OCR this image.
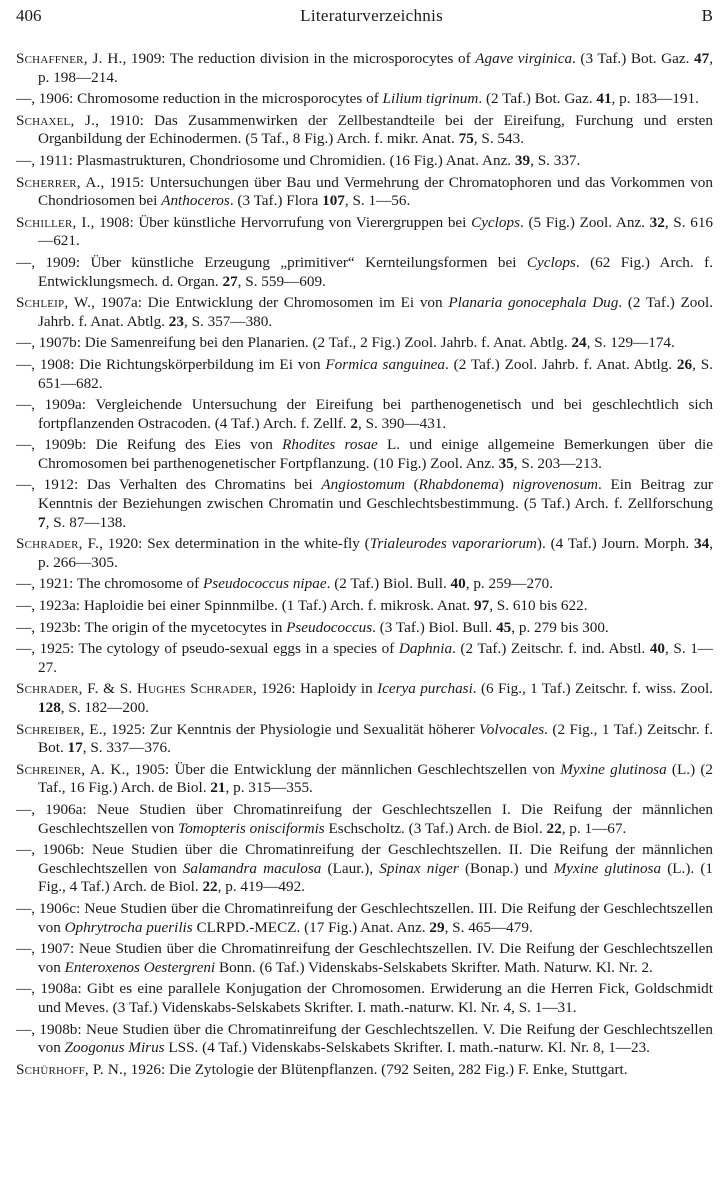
406	Literaturverzeichnis	B

Schaffner, J. H., 1909: The reduction division in the microsporocytes of Agave virginica. (3 Taf.) Bot. Gaz. 47, p. 198—214.

—, 1906: Chromosome reduction in the microsporocytes of Lilium tigrinum. (2 Taf.) Bot. Gaz. 41, p. 183—191.

Schaxel, J., 1910: Das Zusammenwirken der Zellbestandteile bei der Eireifung, Furchung und ersten Organbildung der Echinodermen. (5 Taf., 8 Fig.) Arch. f. mikr. Anat. 75, S. 543.

—, 1911: Plasmastrukturen, Chondriosome und Chromidien. (16 Fig.) Anat. Anz. 39, S. 337.

Scherrer, A., 1915: Untersuchungen über Bau und Vermehrung der Chromatophoren und das Vorkommen von Chondriosomen bei Anthoceros. (3 Taf.) Flora 107, S. 1—56.

Schiller, I., 1908: Über künstliche Hervorrufung von Vierergruppen bei Cyclops. (5 Fig.) Zool. Anz. 32, S. 616—621.

—, 1909: Über künstliche Erzeugung „primitiver“ Kernteilungsformen bei Cyclops. (62 Fig.) Arch. f. Entwicklungsmech. d. Organ. 27, S. 559—609.

Schleip, W., 1907a: Die Entwicklung der Chromosomen im Ei von Planaria gonocephala Dug. (2 Taf.) Zool. Jahrb. f. Anat. Abtlg. 23, S. 357—380.

—, 1907b: Die Samenreifung bei den Planarien. (2 Taf., 2 Fig.) Zool. Jahrb. f. Anat. Abtlg. 24, S. 129—174.

—, 1908: Die Richtungskörperbildung im Ei von Formica sanguinea. (2 Taf.) Zool. Jahrb. f. Anat. Abtlg. 26, S. 651—682.

—, 1909a: Vergleichende Untersuchung der Eireifung bei parthenogenetisch und bei geschlechtlich sich fortpflanzenden Ostracoden. (4 Taf.) Arch. f. Zellf. 2, S. 390—431.

—, 1909b: Die Reifung des Eies von Rhodites rosae L. und einige allgemeine Bemerkungen über die Chromosomen bei parthenogenetischer Fortpflanzung. (10 Fig.) Zool. Anz. 35, S. 203—213.

—, 1912: Das Verhalten des Chromatins bei Angiostomum (Rhabdonema) nigrovenosum. Ein Beitrag zur Kenntnis der Beziehungen zwischen Chromatin und Geschlechtsbestimmung. (5 Taf.) Arch. f. Zellforschung 7, S. 87—138.

Schrader, F., 1920: Sex determination in the white-fly (Trialeurodes vaporariorum). (4 Taf.) Journ. Morph. 34, p. 266—305.

—, 1921: The chromosome of Pseudococcus nipae. (2 Taf.) Biol. Bull. 40, p. 259—270.

—, 1923a: Haploidie bei einer Spinnmilbe. (1 Taf.) Arch. f. mikrosk. Anat. 97, S. 610 bis 622.

—, 1923b: The origin of the mycetocytes in Pseudococcus. (3 Taf.) Biol. Bull. 45, p. 279 bis 300.

—, 1925: The cytology of pseudo-sexual eggs in a species of Daphnia. (2 Taf.) Zeitschr. f. ind. Abstl. 40, S. 1—27.

Schrader, F. & S. Hughes Schrader, 1926: Haploidy in Icerya purchasi. (6 Fig., 1 Taf.) Zeitschr. f. wiss. Zool. 128, S. 182—200.

Schreiber, E., 1925: Zur Kenntnis der Physiologie und Sexualität höherer Volvocales. (2 Fig., 1 Taf.) Zeitschr. f. Bot. 17, S. 337—376.

Schreiner, A. K., 1905: Über die Entwicklung der männlichen Geschlechtszellen von Myxine glutinosa (L.) (2 Taf., 16 Fig.) Arch. de Biol. 21, p. 315—355.

—, 1906a: Neue Studien über Chromatinreifung der Geschlechtszellen I. Die Reifung der männlichen Geschlechtszellen von Tomopteris onisciformis Eschscholtz. (3 Taf.) Arch. de Biol. 22, p. 1—67.

—, 1906b: Neue Studien über die Chromatinreifung der Geschlechtszellen. II. Die Reifung der männlichen Geschlechtszellen von Salamandra maculosa (Laur.), Spinax niger (Bonap.) und Myxine glutinosa (L.). (1 Fig., 4 Taf.) Arch. de Biol. 22, p. 419—492.

—, 1906c: Neue Studien über die Chromatinreifung der Geschlechtszellen. III. Die Reifung der Geschlechtszellen von Ophrytrocha puerilis CLRPD.-MECZ. (17 Fig.) Anat. Anz. 29, S. 465—479.

—, 1907: Neue Studien über die Chromatinreifung der Geschlechtszellen. IV. Die Reifung der Geschlechtszellen von Enteroxenos Oestergreni Bonn. (6 Taf.) Videnskabs-Selskabets Skrifter. Math. Naturw. Kl. Nr. 2.

—, 1908a: Gibt es eine parallele Konjugation der Chromosomen. Erwiderung an die Herren Fick, Goldschmidt und Meves. (3 Taf.) Videnskabs-Selskabets Skrifter. I. math.-naturw. Kl. Nr. 4, S. 1—31.

—, 1908b: Neue Studien über die Chromatinreifung der Geschlechtszellen. V. Die Reifung der Geschlechtszellen von Zoogonus Mirus LSS. (4 Taf.) Videnskabs-Selskabets Skrifter. I. math.-naturw. Kl. Nr. 8, 1—23.

Schürhoff, P. N., 1926: Die Zytologie der Blütenpflanzen. (792 Seiten, 282 Fig.) F. Enke, Stuttgart.
